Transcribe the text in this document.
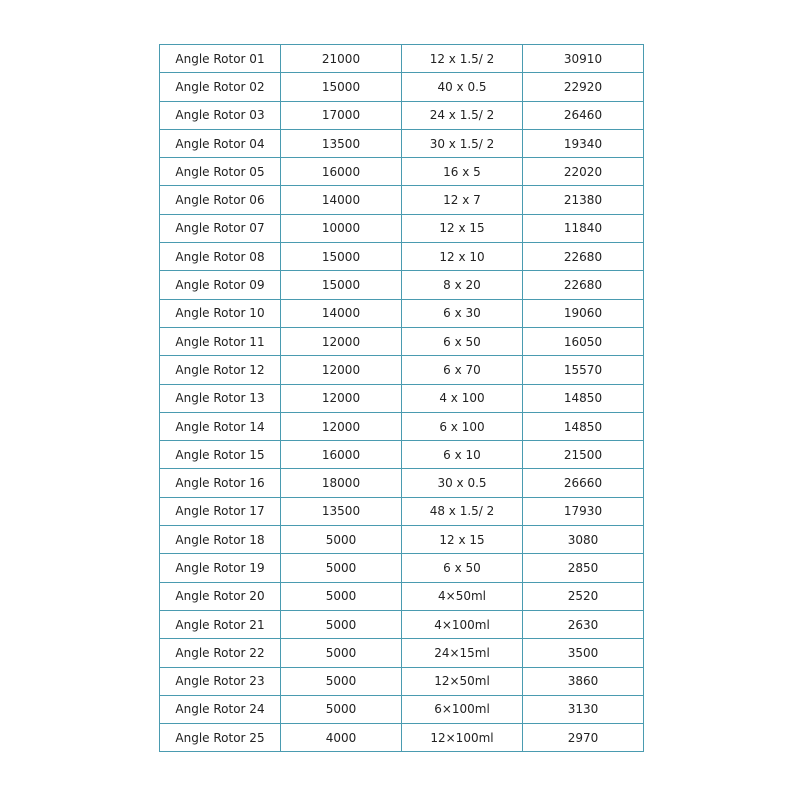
Angle Rotor 01	21000	12 x 1.5/ 2	30910
Angle Rotor 02	15000	40 x 0.5	22920
Angle Rotor 03	17000	24 x 1.5/ 2	26460
Angle Rotor 04	13500	30 x 1.5/ 2	19340
Angle Rotor 05	16000	16 x 5	22020
Angle Rotor 06	14000	12 x 7	21380
Angle Rotor 07	10000	12 x 15	11840
Angle Rotor 08	15000	12 x 10	22680
Angle Rotor 09	15000	8 x 20	22680
Angle Rotor 10	14000	6 x 30	19060
Angle Rotor 11	12000	6 x 50	16050
Angle Rotor 12	12000	6 x 70	15570
Angle Rotor 13	12000	4 x 100	14850
Angle Rotor 14	12000	6 x 100	14850
Angle Rotor 15	16000	6 x 10	21500
Angle Rotor 16	18000	30 x 0.5	26660
Angle Rotor 17	13500	48 x 1.5/ 2	17930
Angle Rotor 18	5000	12 x 15	3080
Angle Rotor 19	5000	6 x 50	2850
Angle Rotor 20	5000	4×50ml	2520
Angle Rotor 21	5000	4×100ml	2630
Angle Rotor 22	5000	24×15ml	3500
Angle Rotor 23	5000	12×50ml	3860
Angle Rotor 24	5000	6×100ml	3130
Angle Rotor 25	4000	12×100ml	2970
